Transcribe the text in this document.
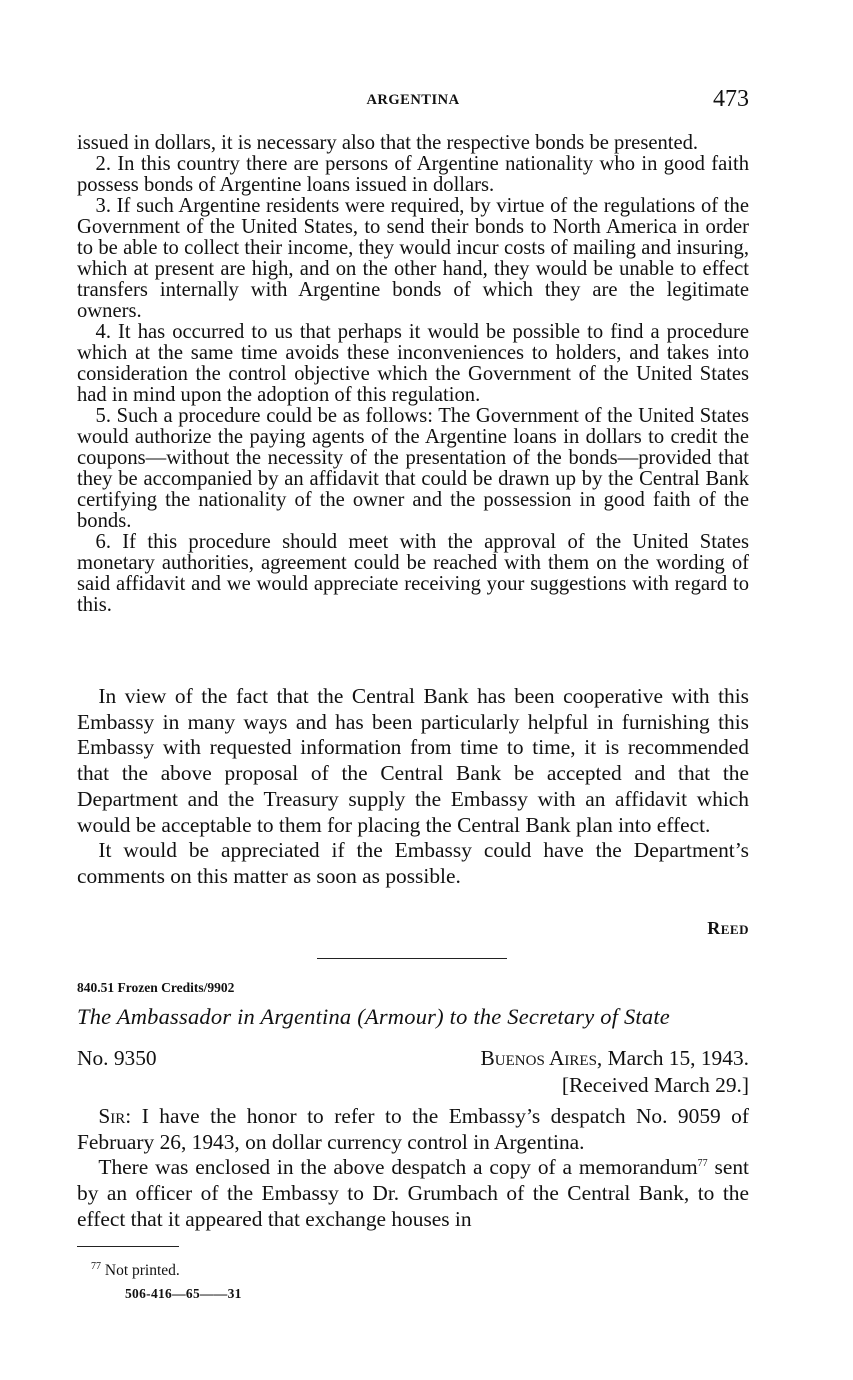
ARGENTINA	473

issued in dollars, it is necessary also that the respective bonds be presented.

2. In this country there are persons of Argentine nationality who in good faith possess bonds of Argentine loans issued in dollars.

3. If such Argentine residents were required, by virtue of the regulations of the Government of the United States, to send their bonds to North America in order to be able to collect their income, they would incur costs of mailing and insuring, which at present are high, and on the other hand, they would be unable to effect transfers internally with Argentine bonds of which they are the legitimate owners.

4. It has occurred to us that perhaps it would be possible to find a procedure which at the same time avoids these inconveniences to holders, and takes into consideration the control objective which the Government of the United States had in mind upon the adoption of this regulation.

5. Such a procedure could be as follows: The Government of the United States would authorize the paying agents of the Argentine loans in dollars to credit the coupons—without the necessity of the presentation of the bonds—provided that they be accompanied by an affidavit that could be drawn up by the Central Bank certifying the nationality of the owner and the possession in good faith of the bonds.

6. If this procedure should meet with the approval of the United States monetary authorities, agreement could be reached with them on the wording of said affidavit and we would appreciate receiving your suggestions with regard to this.

In view of the fact that the Central Bank has been cooperative with this Embassy in many ways and has been particularly helpful in furnishing this Embassy with requested information from time to time, it is recommended that the above proposal of the Central Bank be accepted and that the Department and the Treasury supply the Embassy with an affidavit which would be acceptable to them for placing the Central Bank plan into effect.

It would be appreciated if the Embassy could have the Department’s comments on this matter as soon as possible.

Reed
840.51 Frozen Credits/9902
The Ambassador in Argentina (Armour) to the Secretary of State
No. 9350	Buenos Aires, March 15, 1943.
[Received March 29.]

Sir: I have the honor to refer to the Embassy’s despatch No. 9059 of February 26, 1943, on dollar currency control in Argentina.

There was enclosed in the above despatch a copy of a memorandum$^{77}$ sent by an officer of the Embassy to Dr. Grumbach of the Central Bank, to the effect that it appeared that exchange houses in

$^{77}$ Not printed.
506-416—65——31
